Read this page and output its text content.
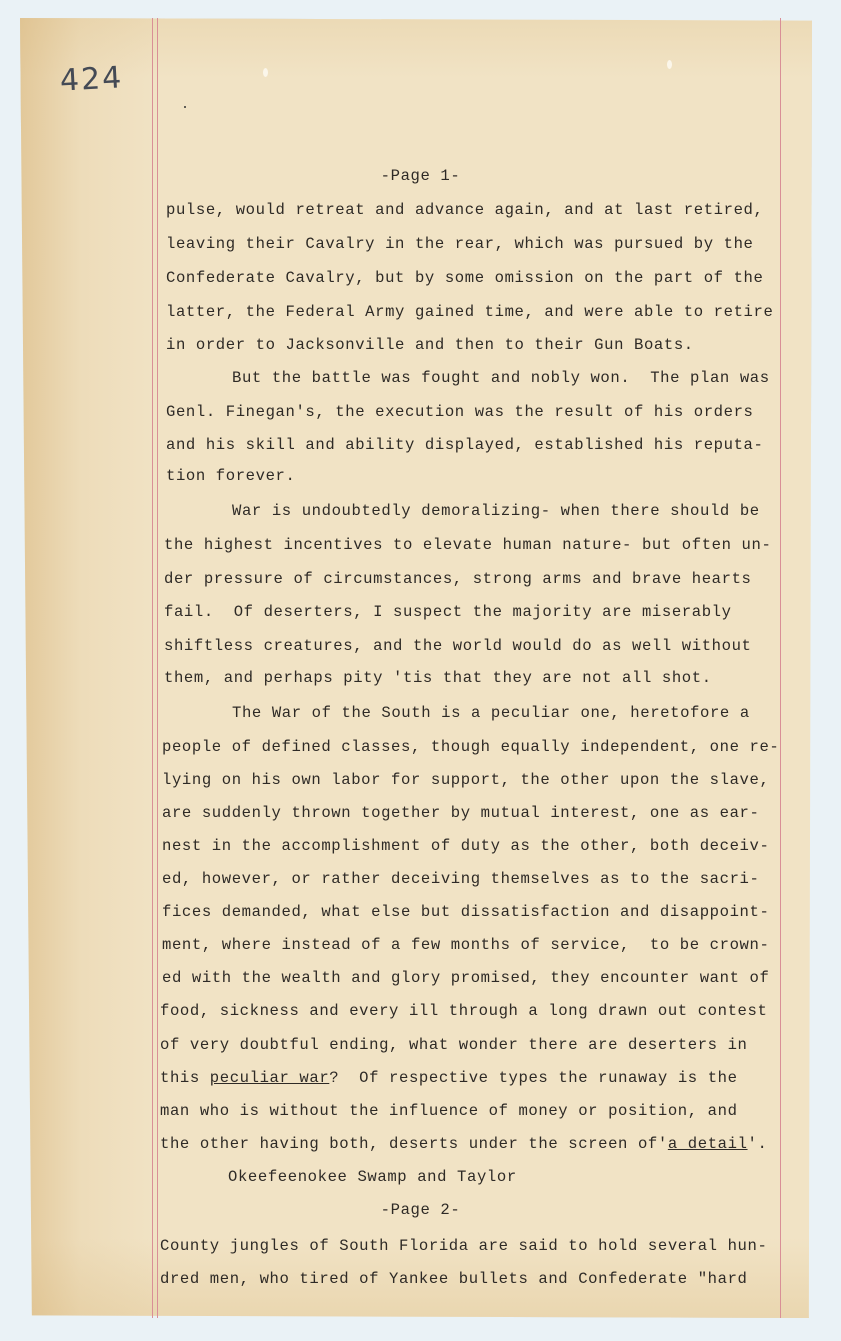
424
-Page 1-
pulse, would retreat and advance again, and at last retired,
leaving their Cavalry in the rear, which was pursued by the
Confederate Cavalry, but by some omission on the part of the
latter, the Federal Army gained time, and were able to retire
in order to Jacksonville and then to their Gun Boats.
But the battle was fought and nobly won.  The plan was
Genl. Finegan's, the execution was the result of his orders
and his skill and ability displayed, established his reputa-
tion forever.
War is undoubtedly demoralizing- when there should be
the highest incentives to elevate human nature- but often un-
der pressure of circumstances, strong arms and brave hearts
fail.  Of deserters, I suspect the majority are miserably
shiftless creatures, and the world would do as well without
them, and perhaps pity 'tis that they are not all shot.
The War of the South is a peculiar one, heretofore a
people of defined classes, though equally independent, one re-
lying on his own labor for support, the other upon the slave,
are suddenly thrown together by mutual interest, one as ear-
nest in the accomplishment of duty as the other, both deceiv-
ed, however, or rather deceiving themselves as to the sacri-
fices demanded, what else but dissatisfaction and disappoint-
ment, where instead of a few months of service,  to be crown-
ed with the wealth and glory promised, they encounter want of
food, sickness and every ill through a long drawn out contest
of very doubtful ending, what wonder there are deserters in
this peculiar war?  Of respective types the runaway is the
man who is without the influence of money or position, and
the other having both, deserts under the screen of'a detail'.
Okeefeenokee Swamp and Taylor
-Page 2-
County jungles of South Florida are said to hold several hun-
dred men, who tired of Yankee bullets and Confederate "hard
